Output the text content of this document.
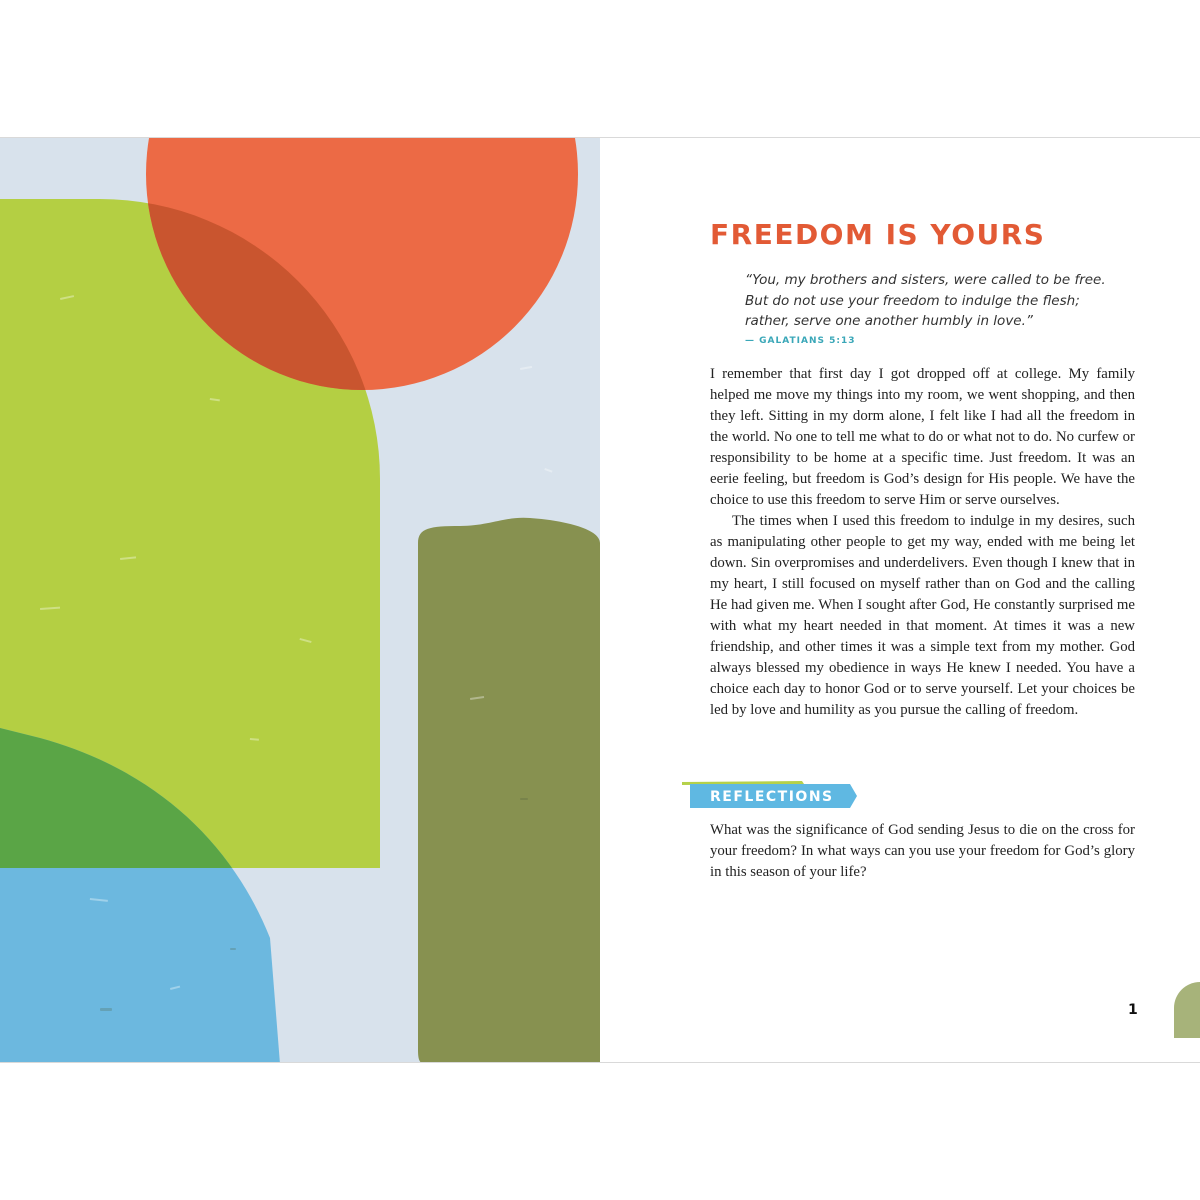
FREEDOM IS YOURS
“You, my brothers and sisters, were called to be free.
But do not use your freedom to indulge the flesh;
rather, serve one another humbly in love.”
— GALATIANS 5:13

I remember that first day I got dropped off at college. My family helped me move my things into my room, we went shopping, and then they left. Sitting in my dorm alone, I felt like I had all the freedom in the world. No one to tell me what to do or what not to do. No curfew or responsibility to be home at a specific time. Just freedom. It was an eerie feeling, but freedom is God’s design for His people. We have the choice to use this freedom to serve Him or serve ourselves.

The times when I used this freedom to indulge in my desires, such as manipulating other people to get my way, ended with me being let down. Sin overpromises and underdelivers. Even though I knew that in my heart, I still focused on myself rather than on God and the calling He had given me. When I sought after God, He constantly surprised me with what my heart needed in that moment. At times it was a new friendship, and other times it was a simple text from my mother. God always blessed my obedience in ways He knew I needed. You have a choice each day to honor God or to serve yourself. Let your choices be led by love and humility as you pursue the calling of freedom.

REFLECTIONS

What was the significance of God sending Jesus to die on the cross for your freedom? In what ways can you use your freedom for God’s glory in this season of your life?

1
